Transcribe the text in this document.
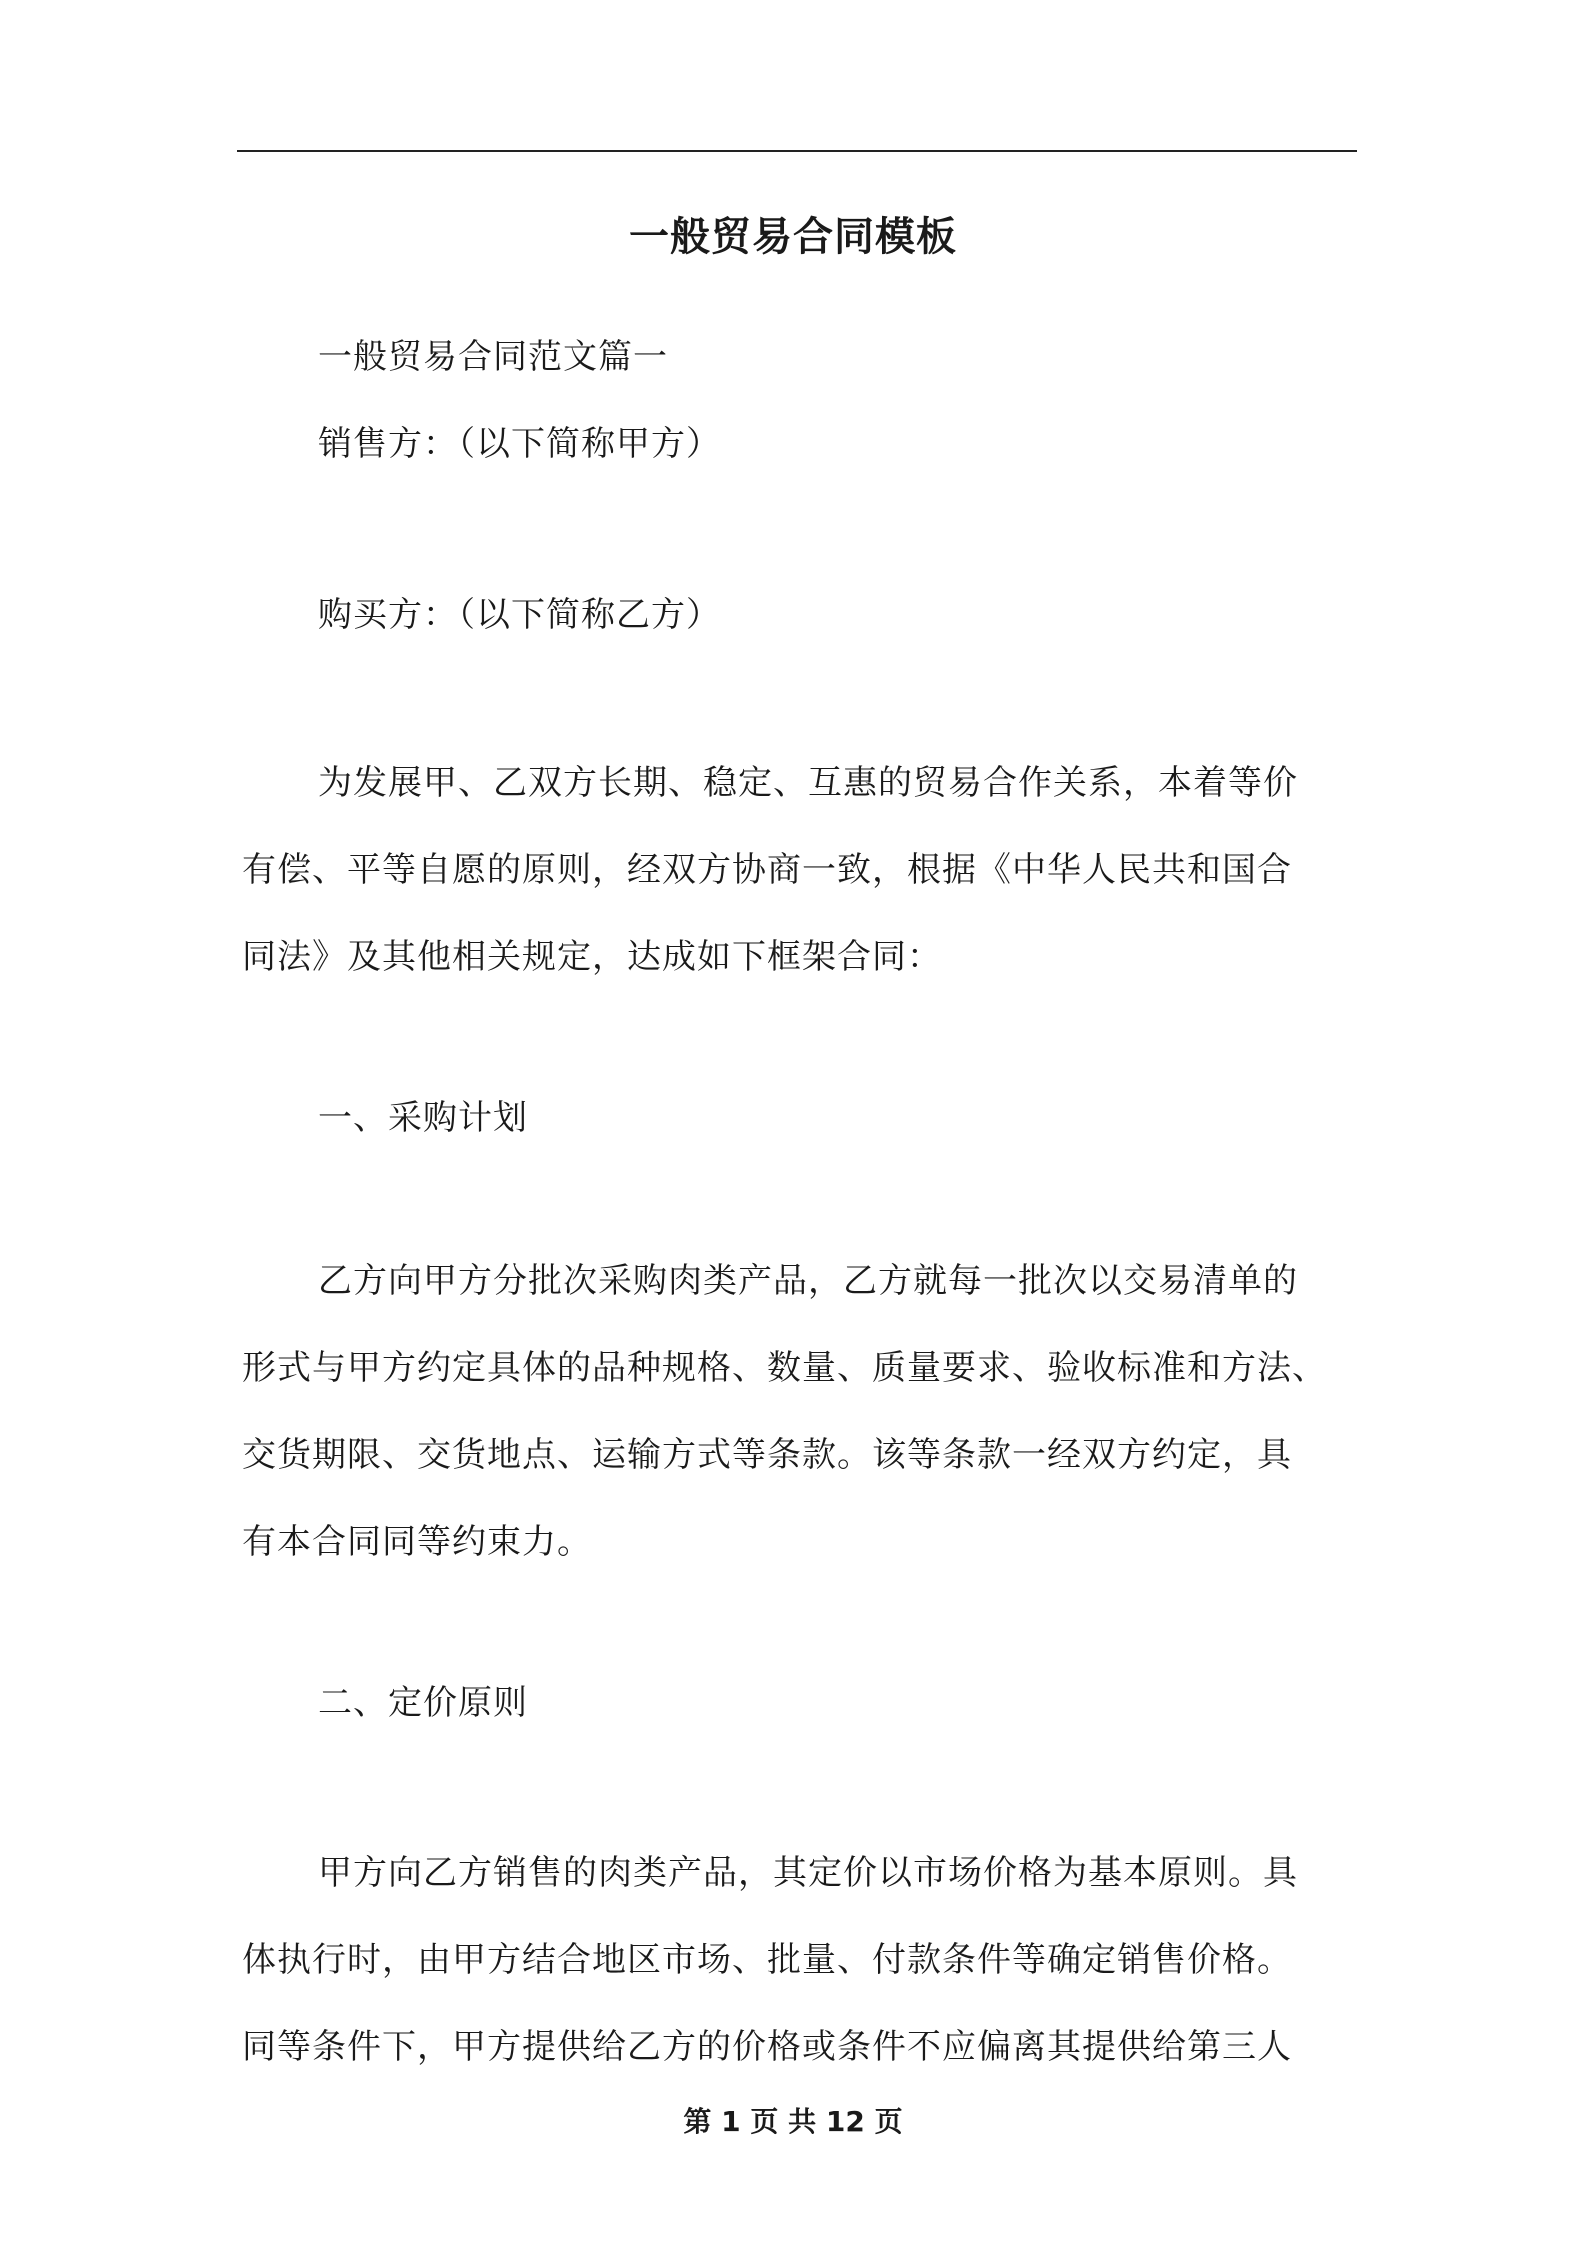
一般贸易合同模板
一般贸易合同范文篇一
销售方：（以下简称甲方）
购买方：（以下简称乙方）
为发展甲、乙双方长期、稳定、互惠的贸易合作关系，本着等价
有偿、平等自愿的原则，经双方协商一致，根据《中华人民共和国合
同法》及其他相关规定，达成如下框架合同：
一、采购计划
乙方向甲方分批次采购肉类产品，乙方就每一批次以交易清单的
形式与甲方约定具体的品种规格、数量、质量要求、验收标准和方法、
交货期限、交货地点、运输方式等条款。该等条款一经双方约定，具
有本合同同等约束力。
二、定价原则
甲方向乙方销售的肉类产品，其定价以市场价格为基本原则。具
体执行时，由甲方结合地区市场、批量、付款条件等确定销售价格。
同等条件下，甲方提供给乙方的价格或条件不应偏离其提供给第三人
第 1 页 共 12 页
